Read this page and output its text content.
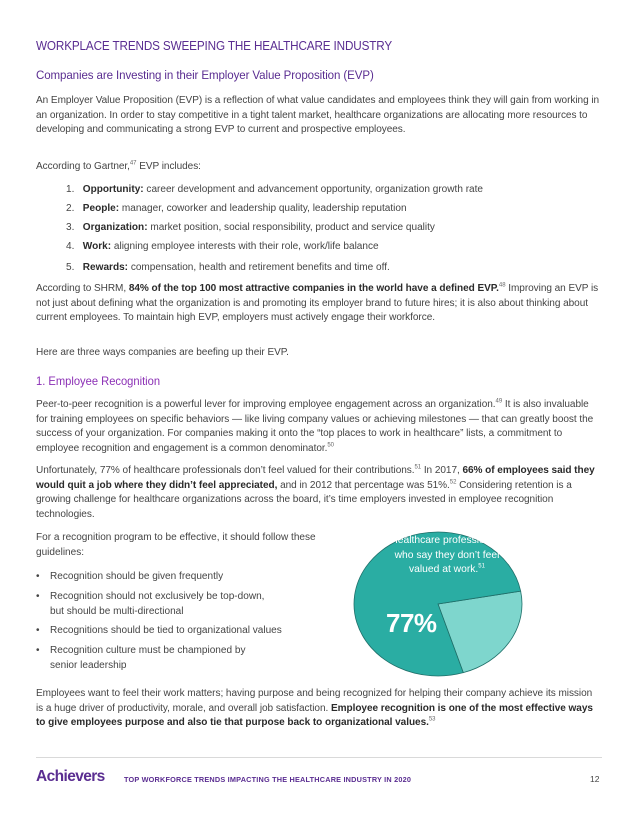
WORKPLACE TRENDS SWEEPING THE HEALTHCARE INDUSTRY
Companies are Investing in their Employer Value Proposition (EVP)
An Employer Value Proposition (EVP) is a reflection of what value candidates and employees think they will gain from working in an organization. In order to stay competitive in a tight talent market, healthcare organizations are allocating more resources to developing and communicating a strong EVP to current and prospective employees.
According to Gartner,$^{47}$ EVP includes:
1. Opportunity: career development and advancement opportunity, organization growth rate
2. People: manager, coworker and leadership quality, leadership reputation
3. Organization: market position, social responsibility, product and service quality
4. Work: aligning employee interests with their role, work/life balance
5. Rewards: compensation, health and retirement benefits and time off.
According to SHRM, 84% of the top 100 most attractive companies in the world have a defined EVP.$^{48}$ Improving an EVP is not just about defining what the organization is and promoting its employer brand to future hires; it is also about thinking about current employees. To maintain high EVP, employers must actively engage their workforce.
Here are three ways companies are beefing up their EVP.
1. Employee Recognition
Peer-to-peer recognition is a powerful lever for improving employee engagement across an organization.$^{49}$ It is also invaluable for training employees on specific behaviors — like living company values or achieving milestones — that can greatly boost the success of your organization. For companies making it onto the “top places to work in healthcare” lists, a commitment to employee recognition and engagement is a common denominator.$^{50}$
Unfortunately, 77% of healthcare professionals don’t feel valued for their contributions.$^{51}$ In 2017, 66% of employees said they would quit a job where they didn’t feel appreciated, and in 2012 that percentage was 51%.$^{52}$ Considering retention is a growing challenge for healthcare organizations across the board, it’s time employers invested in employee recognition technologies.
For a recognition program to be effective, it should follow these guidelines:
• Recognition should be given frequently
• Recognition should not exclusively be top-down,
but should be multi-directional
• Recognitions should be tied to organizational values
• Recognition culture must be championed by
senior leadership
Healthcare professionals who say they don’t feel valued at work.$^{51}$
77%
Employees want to feel their work matters; having purpose and being recognized for helping their company achieve its mission is a huge driver of productivity, morale, and overall job satisfaction. Employee recognition is one of the most effective ways to give employees purpose and also tie that purpose back to organizational values.$^{53}$
Achievers	TOP WORKFORCE TRENDS IMPACTING THE HEALTHCARE INDUSTRY IN 2020	12
